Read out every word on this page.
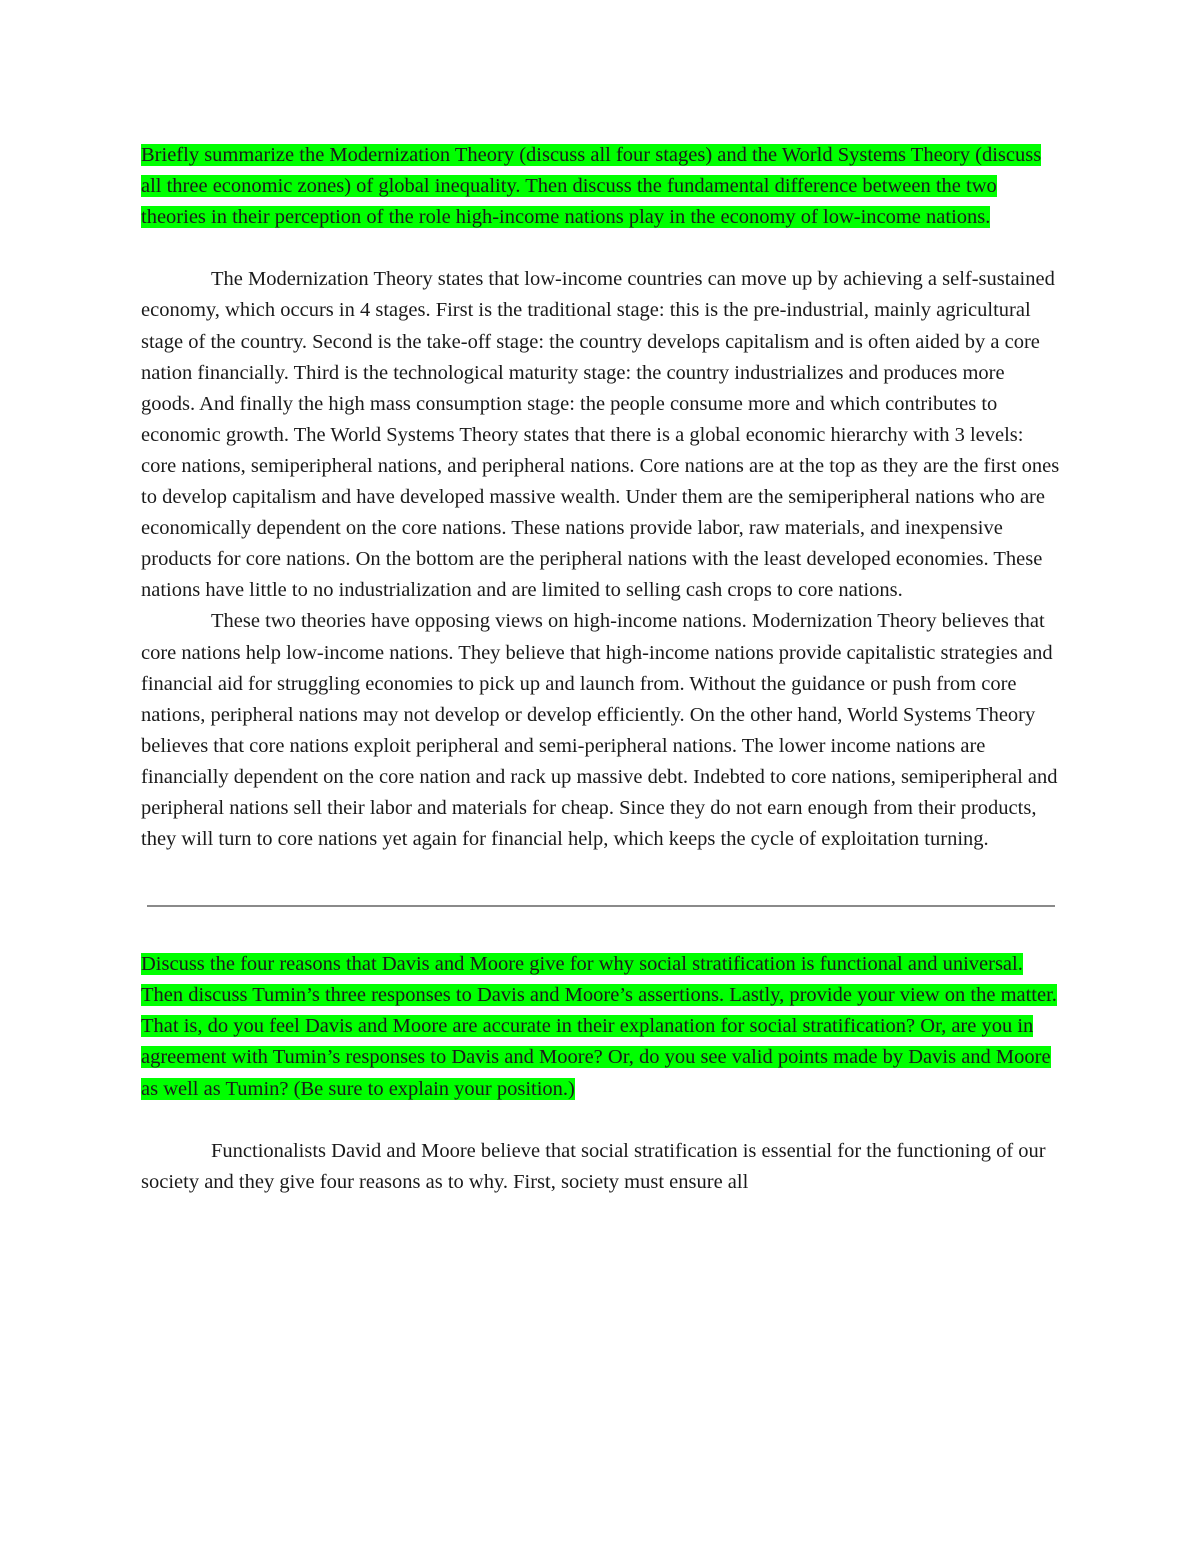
Briefly summarize the Modernization Theory (discuss all four stages) and the World Systems Theory (discuss all three economic zones) of global inequality. Then discuss the fundamental difference between the two theories in their perception of the role high-income nations play in the economy of low-income nations.

The Modernization Theory states that low-income countries can move up by achieving a self-sustained economy, which occurs in 4 stages. First is the traditional stage: this is the pre-industrial, mainly agricultural stage of the country. Second is the take-off stage: the country develops capitalism and is often aided by a core nation financially. Third is the technological maturity stage: the country industrializes and produces more goods. And finally the high mass consumption stage: the people consume more and which contributes to economic growth. The World Systems Theory states that there is a global economic hierarchy with 3 levels: core nations, semiperipheral nations, and peripheral nations. Core nations are at the top as they are the first ones to develop capitalism and have developed massive wealth. Under them are the semiperipheral nations who are economically dependent on the core nations. These nations provide labor, raw materials, and inexpensive products for core nations. On the bottom are the peripheral nations with the least developed economies. These nations have little to no industrialization and are limited to selling cash crops to core nations.

These two theories have opposing views on high-income nations. Modernization Theory believes that core nations help low-income nations. They believe that high-income nations provide capitalistic strategies and financial aid for struggling economies to pick up and launch from. Without the guidance or push from core nations, peripheral nations may not develop or develop efficiently. On the other hand, World Systems Theory believes that core nations exploit peripheral and semi-peripheral nations. The lower income nations are financially dependent on the core nation and rack up massive debt. Indebted to core nations, semiperipheral and peripheral nations sell their labor and materials for cheap. Since they do not earn enough from their products, they will turn to core nations yet again for financial help, which keeps the cycle of exploitation turning.

Discuss the four reasons that Davis and Moore give for why social stratification is functional and universal. Then discuss Tumin’s three responses to Davis and Moore’s assertions. Lastly, provide your view on the matter. That is, do you feel Davis and Moore are accurate in their explanation for social stratification? Or, are you in agreement with Tumin’s responses to Davis and Moore? Or, do you see valid points made by Davis and Moore as well as Tumin? (Be sure to explain your position.)

Functionalists David and Moore believe that social stratification is essential for the functioning of our society and they give four reasons as to why. First, society must ensure all
